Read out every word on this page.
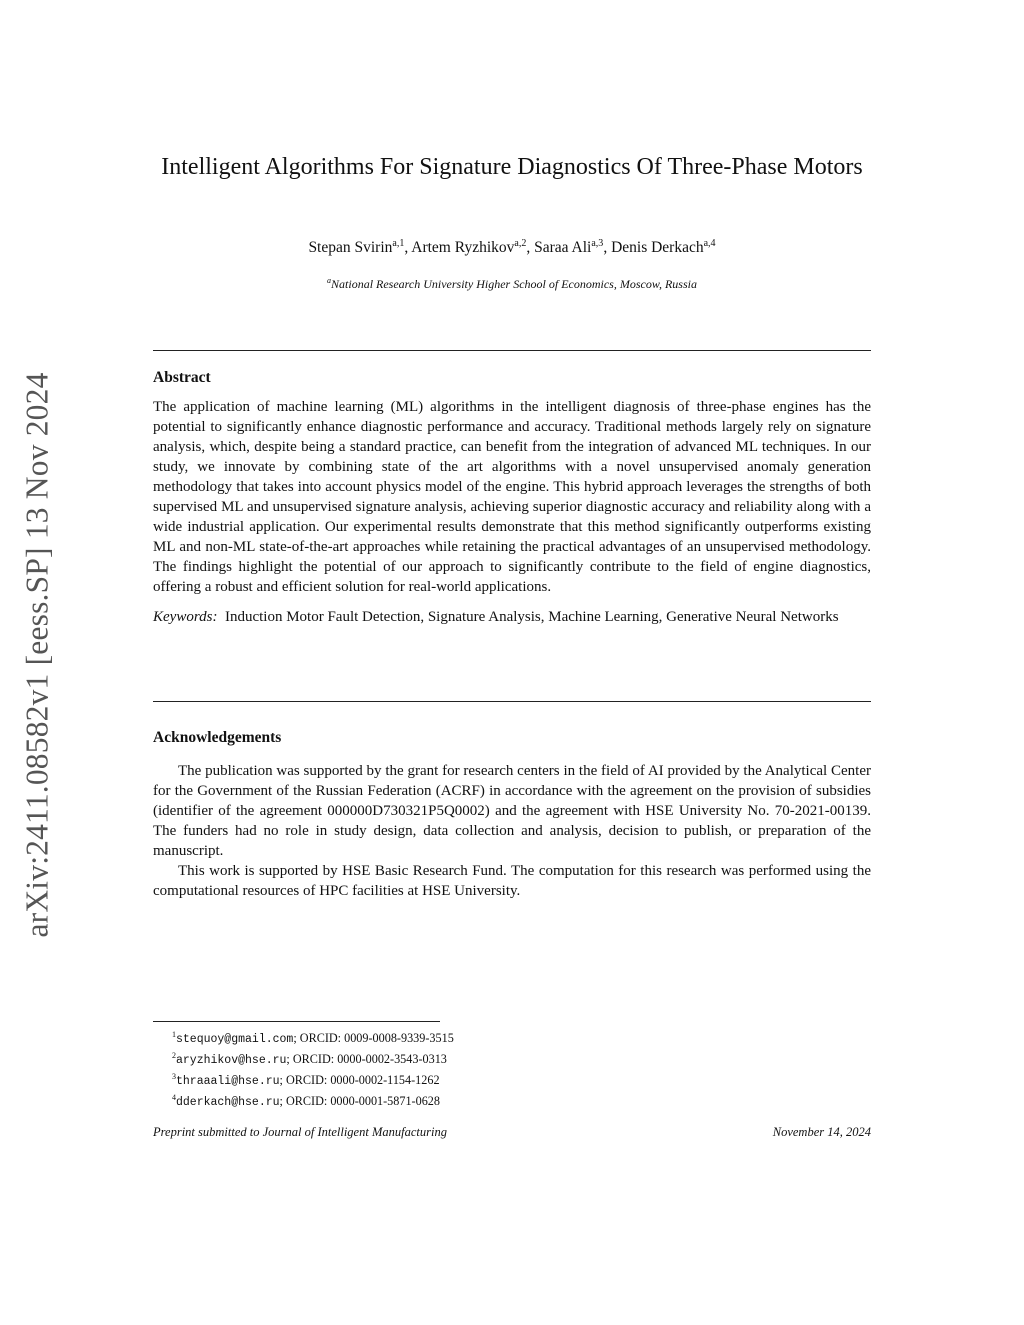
arXiv:2411.08582v1 [eess.SP] 13 Nov 2024
Intelligent Algorithms For Signature Diagnostics Of Three-Phase Motors
Stepan Svirin$^{a,1}$, Artem Ryzhikov$^{a,2}$, Saraa Ali$^{a,3}$, Denis Derkach$^{a,4}$
$^a$National Research University Higher School of Economics, Moscow, Russia
Abstract
The application of machine learning (ML) algorithms in the intelligent diagnosis of three-phase engines has the potential to significantly enhance diagnostic performance and accuracy. Traditional methods largely rely on signature analysis, which, despite being a standard practice, can benefit from the integration of advanced ML techniques. In our study, we innovate by combining state of the art algorithms with a novel unsupervised anomaly generation methodology that takes into account physics model of the engine. This hybrid approach leverages the strengths of both supervised ML and unsupervised signature analysis, achieving superior diagnostic accuracy and reliability along with a wide industrial application. Our experimental results demonstrate that this method significantly outperforms existing ML and non-ML state-of-the-art approaches while retaining the practical advantages of an unsupervised methodology. The findings highlight the potential of our approach to significantly contribute to the field of engine diagnostics, offering a robust and efficient solution for real-world applications.
Keywords: Induction Motor Fault Detection, Signature Analysis, Machine Learning, Generative Neural Networks
Acknowledgements
The publication was supported by the grant for research centers in the field of AI provided by the Analytical Center for the Government of the Russian Federation (ACRF) in accordance with the agreement on the provision of subsidies (identifier of the agreement 000000D730321P5Q0002) and the agreement with HSE University No. 70-2021-00139. The funders had no role in study design, data collection and analysis, decision to publish, or preparation of the manuscript.
This work is supported by HSE Basic Research Fund. The computation for this research was performed using the computational resources of HPC facilities at HSE University.
$^1$stequoy@gmail.com; ORCID: 0009-0008-9339-3515
$^2$aryzhikov@hse.ru; ORCID: 0000-0002-3543-0313
$^3$thraaali@hse.ru; ORCID: 0000-0002-1154-1262
$^4$dderkach@hse.ru; ORCID: 0000-0001-5871-0628
Preprint submitted to Journal of Intelligent Manufacturing	November 14, 2024
